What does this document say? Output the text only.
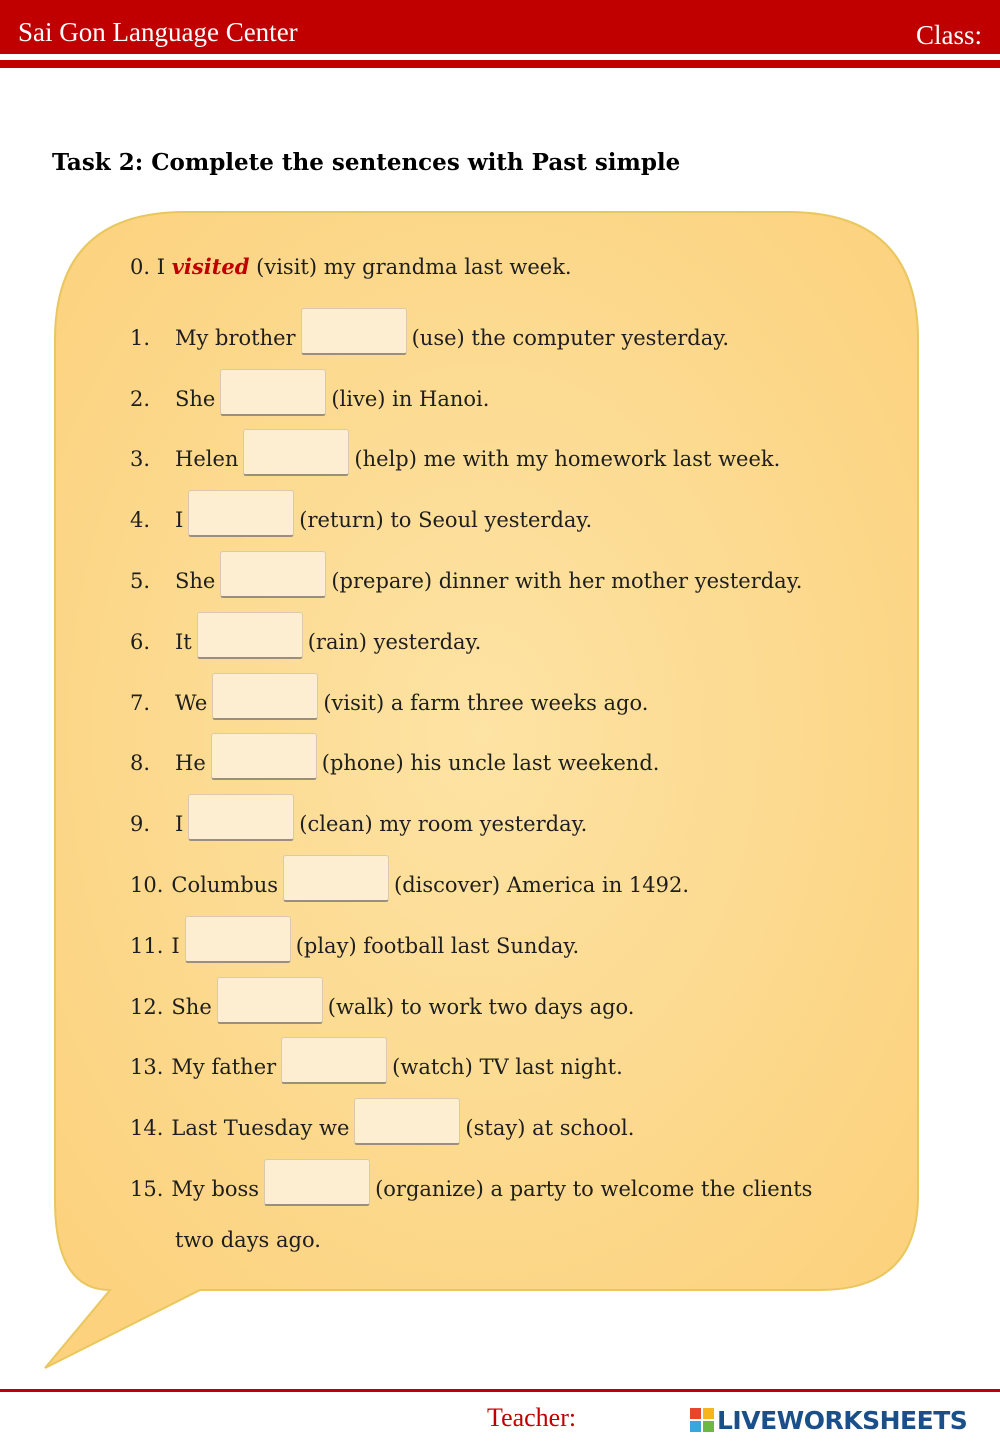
Sai Gon Language Center	Class:
Task 2: Complete the sentences with Past simple
0. I visited (visit) my grandma last week.
1. My brother	(use) the computer yesterday.
2. She	(live) in Hanoi.
3. Helen	(help) me with my homework last week.
4. I	(return) to Seoul yesterday.
5. She	(prepare) dinner with her mother yesterday.
6. It	(rain) yesterday.
7. We	(visit) a farm three weeks ago.
8. He	(phone) his uncle last weekend.
9. I	(clean) my room yesterday.
10. Columbus	(discover) America in 1492.
11. I	(play) football last Sunday.
12. She	(walk) to work two days ago.
13. My father	(watch) TV last night.
14. Last Tuesday we	(stay) at school.
15. My boss	(organize) a party to welcome the clients
two days ago.
Teacher:	LIVEWORKSHEETS
